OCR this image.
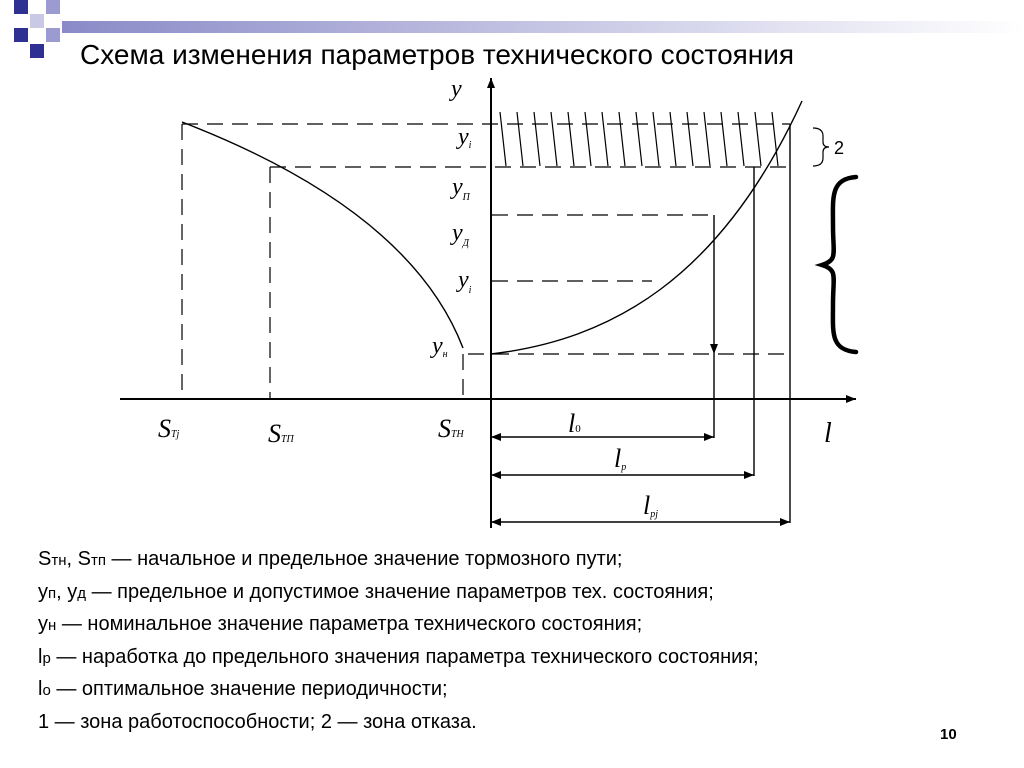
Схема изменения параметров технического состояния
2
y
l
$y_i$
$y_П$
$y_Д$
$y_i$
$y_н$
STj	SТП	SТН	l0
lр
lpj
Sтн, Sтп — начальное и предельное значение тормозного пути;
уп, уд — предельное и допустимое значение параметров тех. состояния;
ун — номинальное значение параметра технического состояния;
lр — наработка до предельного значения параметра технического состояния;
lо — оптимальное значение периодичности;
1 — зона работоспособности; 2 — зона отказа.
10
